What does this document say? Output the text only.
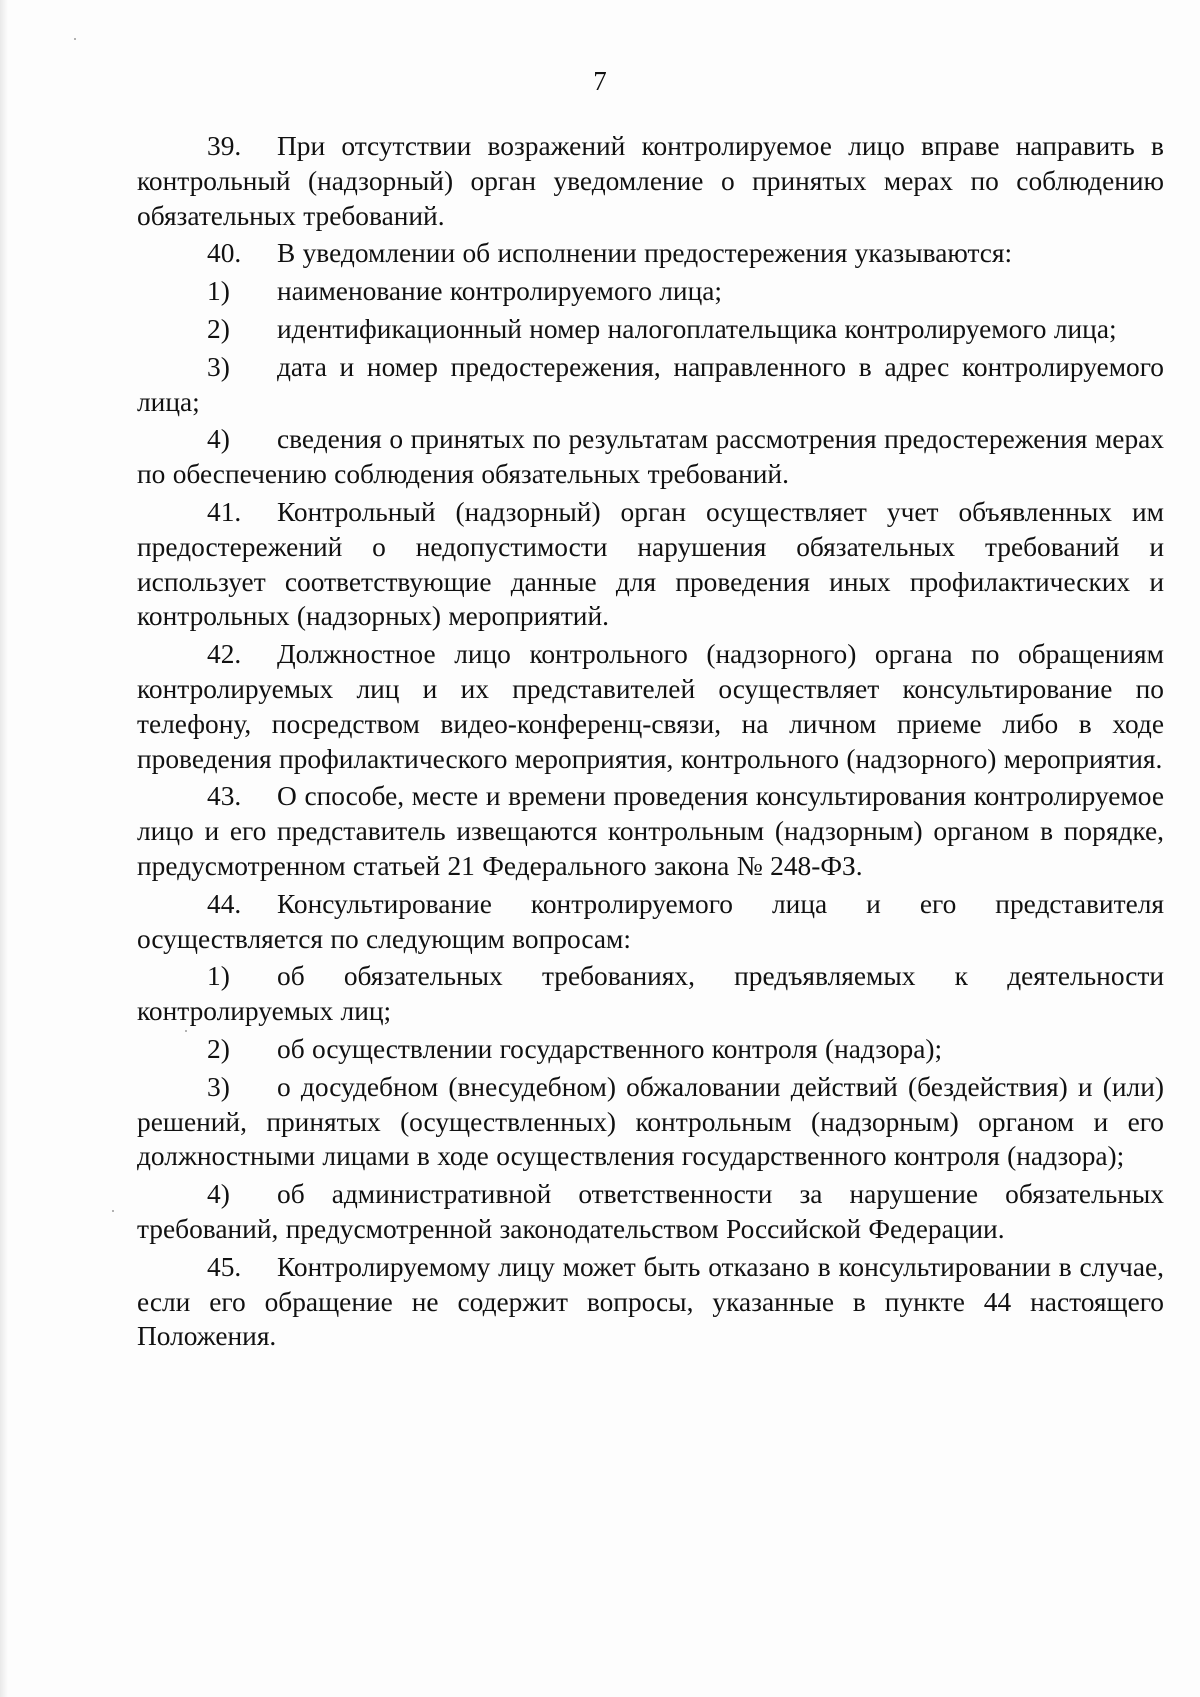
7

39. При отсутствии возражений контролируемое лицо вправе направить в контрольный (надзорный) орган уведомление о принятых мерах по соблюдению обязательных требований.

40. В уведомлении об исполнении предостережения указываются:

1) наименование контролируемого лица;

2) идентификационный номер налогоплательщика контролируемого лица;

3) дата и номер предостережения, направленного в адрес контролируемого лица;

4) сведения о принятых по результатам рассмотрения предостережения мерах по обеспечению соблюдения обязательных требований.

41. Контрольный (надзорный) орган осуществляет учет объявленных им предостережений о недопустимости нарушения обязательных требований и использует соответствующие данные для проведения иных профилактических и контрольных (надзорных) мероприятий.

42. Должностное лицо контрольного (надзорного) органа по обращениям контролируемых лиц и их представителей осуществляет консультирование по телефону, посредством видео-конференц-связи, на личном приеме либо в ходе проведения профилактического мероприятия, контрольного (надзорного) мероприятия.

43. О способе, месте и времени проведения консультирования контролируемое лицо и его представитель извещаются контрольным (надзорным) органом в порядке, предусмотренном статьей 21 Федерального закона № 248-ФЗ.

44. Консультирование контролируемого лица и его представителя осуществляется по следующим вопросам:

1) об обязательных требованиях, предъявляемых к деятельности контролируемых лиц;

2) об осуществлении государственного контроля (надзора);

3) о досудебном (внесудебном) обжаловании действий (бездействия) и (или) решений, принятых (осуществленных) контрольным (надзорным) органом и его должностными лицами в ходе осуществления государственного контроля (надзора);

4) об административной ответственности за нарушение обязательных требований, предусмотренной законодательством Российской Федерации.

45. Контролируемому лицу может быть отказано в консультировании в случае, если его обращение не содержит вопросы, указанные в пункте 44 настоящего Положения.
